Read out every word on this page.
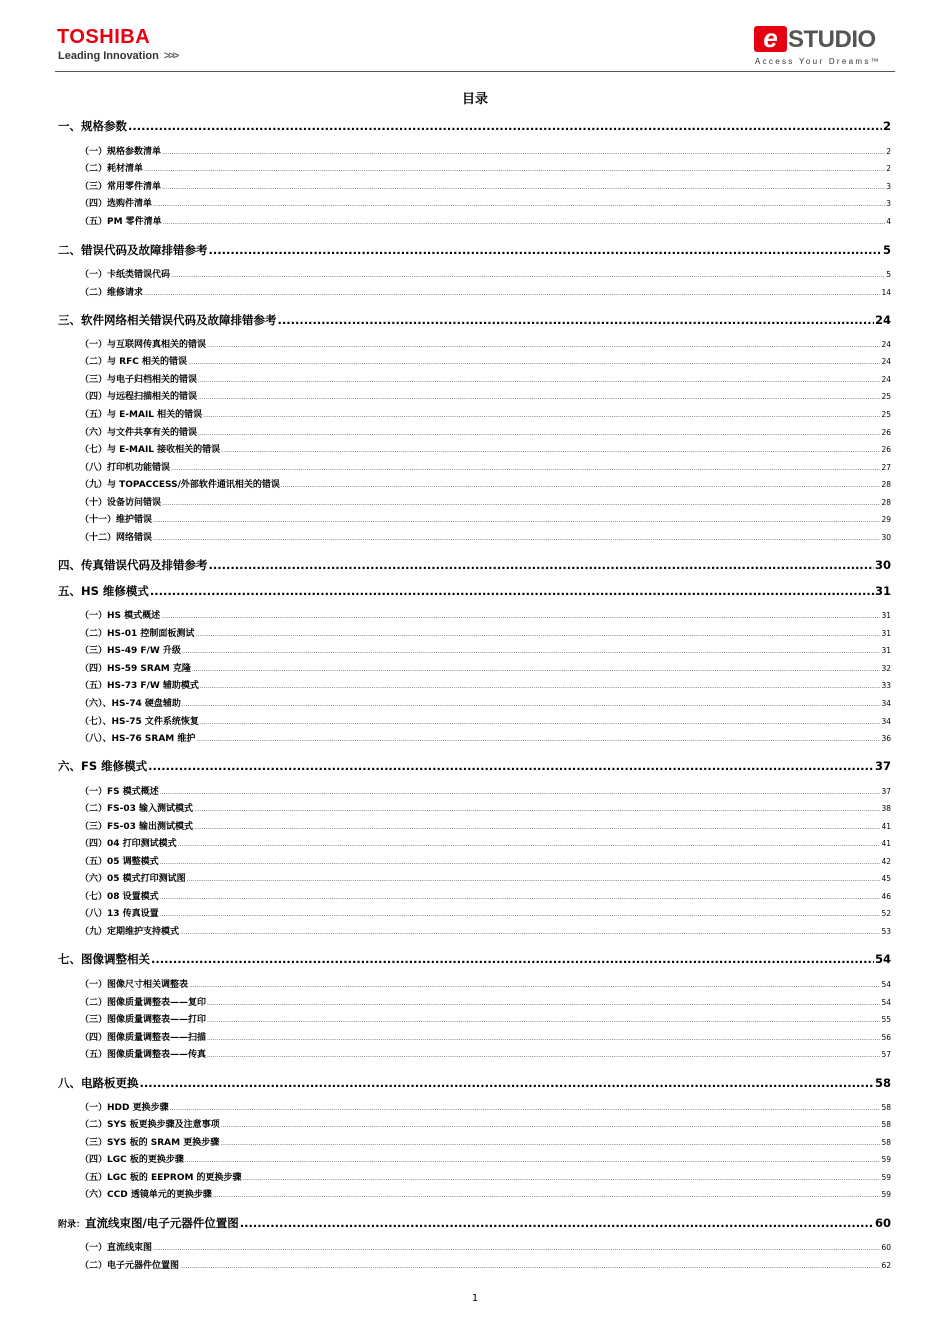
TOSHIBA
Leading Innovation >>>
e STUDIO
Access Your Dreams™
目录
一、规格参数 .....	2
（一）规格参数清单 .....	2
（二）耗材清单 .....	2
（三）常用零件清单 .....	3
（四）选购件清单 .....	3
（五）PM 零件清单 .....	4
二、错误代码及故障排错参考 .....	5
（一）卡纸类错误代码 .....	5
（二）维修请求 .....	14
三、软件网络相关错误代码及故障排错参考 .....	24
（一）与互联网传真相关的错误 .....	24
（二）与 RFC 相关的错误 .....	24
（三）与电子归档相关的错误 .....	24
（四）与远程扫描相关的错误 .....	25
（五）与 E-MAIL 相关的错误 .....	25
（六）与文件共享有关的错误 .....	26
（七）与 E-MAIL 接收相关的错误 .....	26
（八）打印机功能错误 .....	27
（九）与 TOPACCESS/外部软件通讯相关的错误 .....	28
（十）设备访问错误 .....	28
（十一）维护错误 .....	29
（十二）网络错误 .....	30
四、传真错误代码及排错参考 .....	30
五、HS 维修模式 .....	31
（一）HS 模式概述 .....	31
（二）HS-01 控制面板测试 .....	31
（三）HS-49 F/W 升级 .....	31
（四）HS-59 SRAM 克隆 .....	32
（五）HS-73 F/W 辅助模式 .....	33
（六）、HS-74 硬盘辅助 .....	34
（七）、HS-75 文件系统恢复 .....	34
（八）、HS-76 SRAM 维护 .....	36
六、FS 维修模式 .....	37
（一）FS 模式概述 .....	37
（二）FS-03 输入测试模式 .....	38
（三）FS-03 输出测试模式 .....	41
（四）04 打印测试模式 .....	41
（五）05 调整模式 .....	42
（六）05 模式打印测试图 .....	45
（七）08 设置模式 .....	46
（八）13 传真设置 .....	52
（九）定期维护支持模式 .....	53
七、图像调整相关 .....	54
（一）图像尺寸相关调整表 .....	54
（二）图像质量调整表——复印 .....	54
（三）图像质量调整表——打印 .....	55
（四）图像质量调整表——扫描 .....	56
（五）图像质量调整表——传真 .....	57
八、电路板更换 .....	58
（一）HDD 更换步骤 .....	58
（二）SYS 板更换步骤及注意事项 .....	58
（三）SYS 板的 SRAM 更换步骤 .....	58
（四）LGC 板的更换步骤 .....	59
（五）LGC 板的 EEPROM 的更换步骤 .....	59
（六）CCD 透镜单元的更换步骤 .....	59
附录：直流线束图/电子元器件位置图 .....	60
（一）直流线束图 .....	60
（二）电子元器件位置图 .....	62
1
